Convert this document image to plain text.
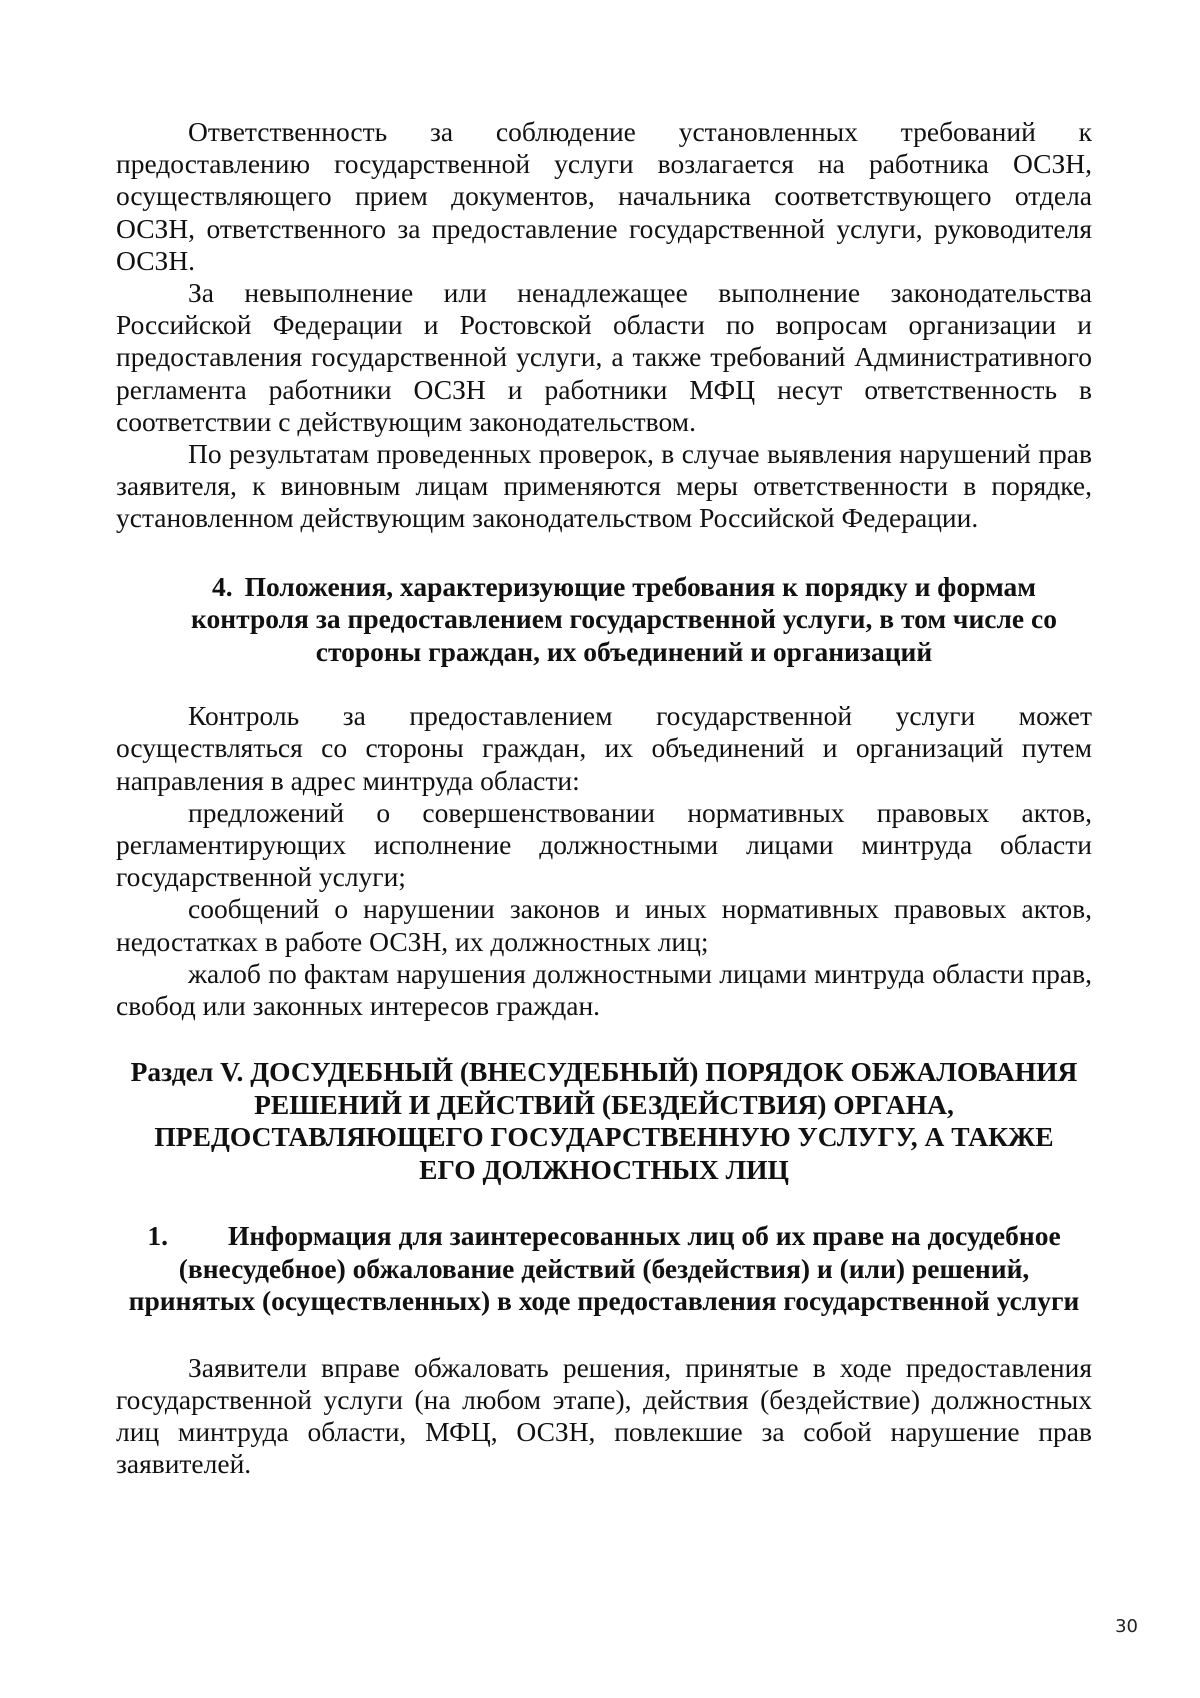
Ответственность за соблюдение установленных требований к предоставлению государственной услуги возлагается на работника ОСЗН, осуществляющего прием документов, начальника соответствующего отдела ОСЗН, ответственного за предоставление государственной услуги, руководителя ОСЗН.

За невыполнение или ненадлежащее выполнение законодательства Российской Федерации и Ростовской области по вопросам организации и предоставления государственной услуги, а также требований Административного регламента работники ОСЗН и работники МФЦ несут ответственность в соответствии с действующим законодательством.

По результатам проведенных проверок, в случае выявления нарушений прав заявителя, к виновным лицам применяются меры ответственности в порядке, установленном действующим законодательством Российской Федерации.

4. Положения, характеризующие требования к порядку и формам контроля за предоставлением государственной услуги, в том числе со стороны граждан, их объединений и организаций

Контроль за предоставлением государственной услуги может осуществляться со стороны граждан, их объединений и организаций путем направления в адрес минтруда области:

предложений о совершенствовании нормативных правовых актов, регламентирующих исполнение должностными лицами минтруда области государственной услуги;

сообщений о нарушении законов и иных нормативных правовых актов, недостатках в работе ОСЗН, их должностных лиц;

жалоб по фактам нарушения должностными лицами минтруда области прав, свобод или законных интересов граждан.

Раздел V. ДОСУДЕБНЫЙ (ВНЕСУДЕБНЫЙ) ПОРЯДОК ОБЖАЛОВАНИЯ РЕШЕНИЙ И ДЕЙСТВИЙ (БЕЗДЕЙСТВИЯ) ОРГАНА, ПРЕДОСТАВЛЯЮЩЕГО ГОСУДАРСТВЕННУЮ УСЛУГУ, А ТАКЖЕ ЕГО ДОЛЖНОСТНЫХ ЛИЦ
1. Информация для заинтересованных лиц об их праве на досудебное (внесудебное) обжалование действий (бездействия) и (или) решений, принятых (осуществленных) в ходе предоставления государственной услуги

Заявители вправе обжаловать решения, принятые в ходе предоставления государственной услуги (на любом этапе), действия (бездействие) должностных лиц минтруда области, МФЦ, ОСЗН, повлекшие за собой нарушение прав заявителей.

30
